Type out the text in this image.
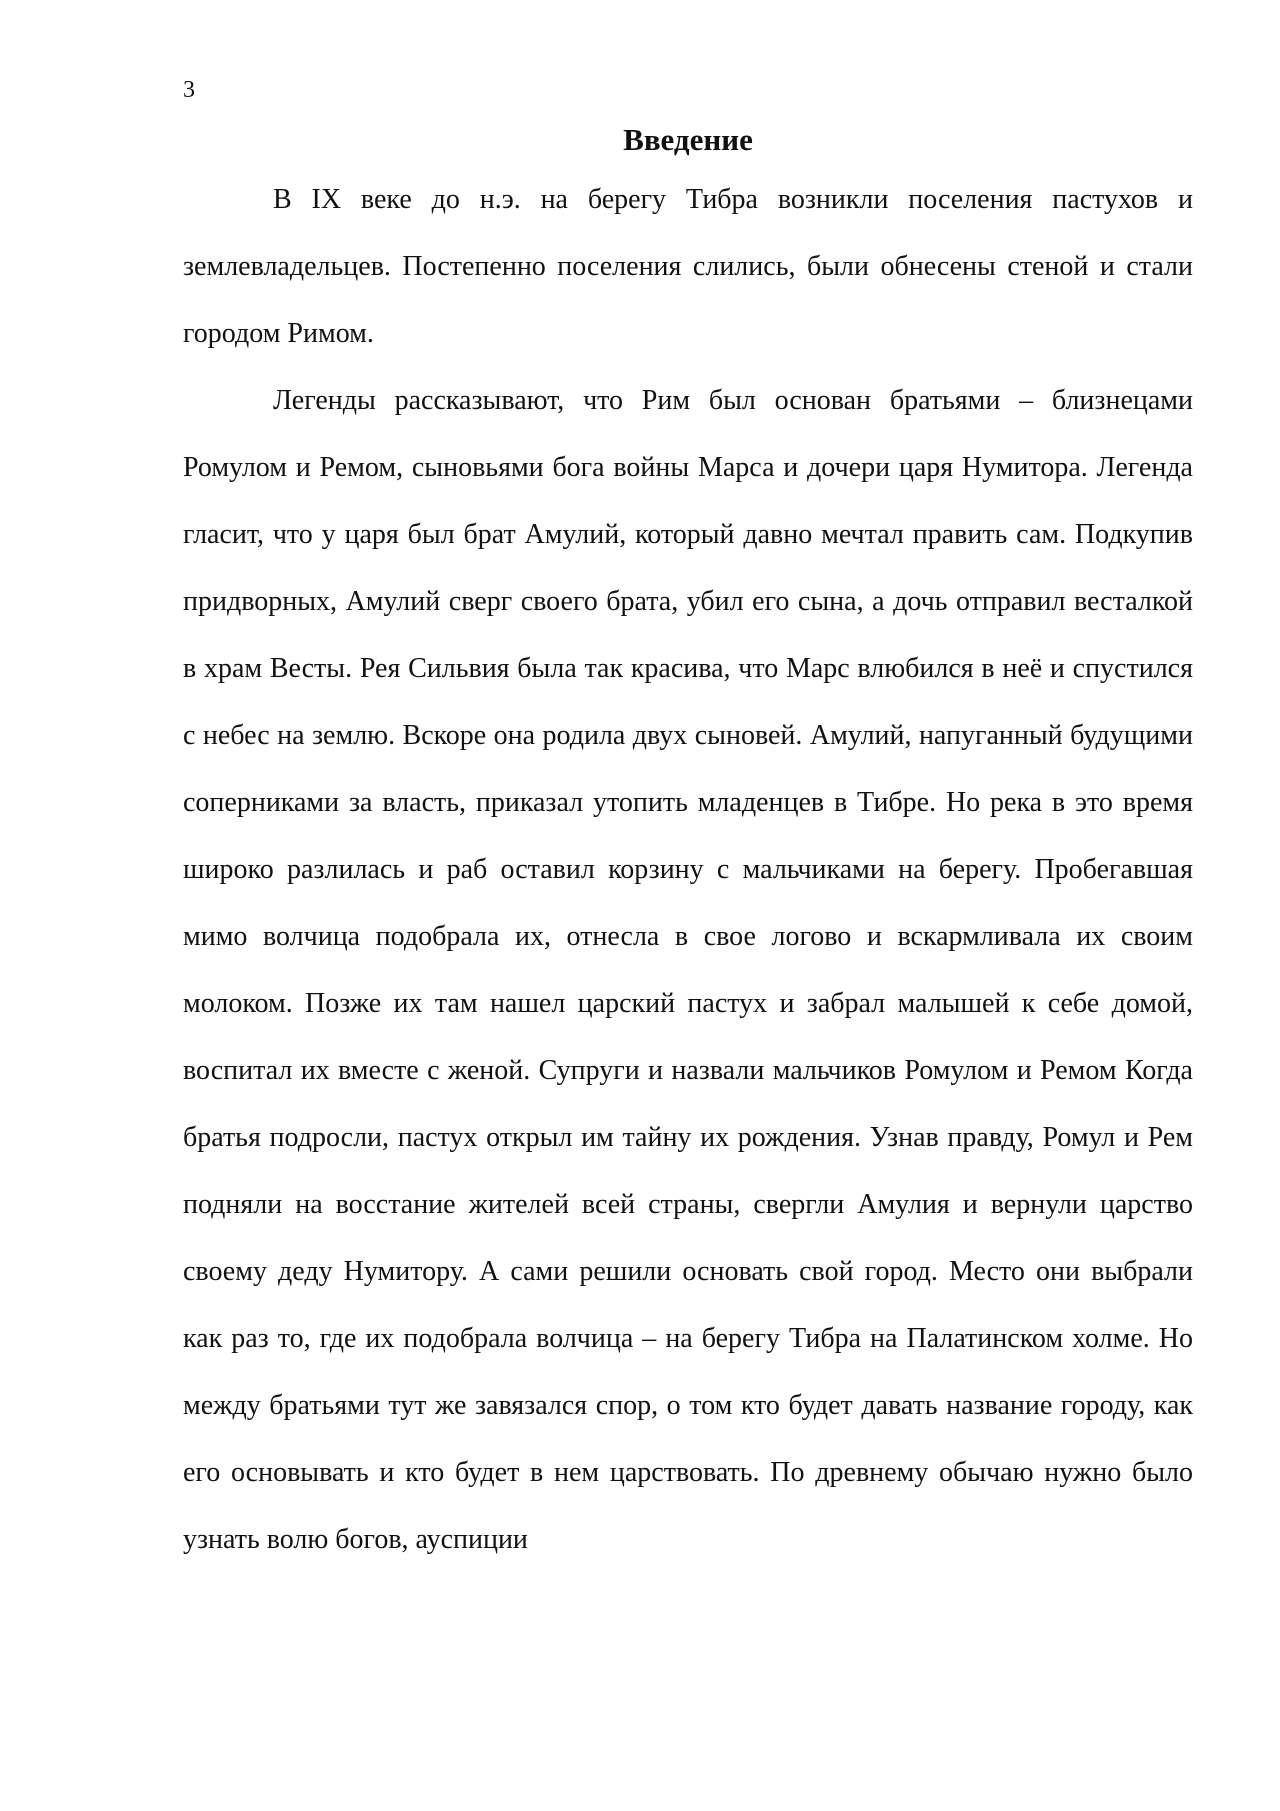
3
Введение

В IX веке до н.э. на берегу Тибра возникли поселения пастухов и землевладельцев. Постепенно поселения слились, были обнесены стеной и стали городом Римом.

Легенды рассказывают, что Рим был основан братьями – близнецами Ромулом и Ремом, сыновьями бога войны Марса и дочери царя Нумитора. Легенда гласит, что у царя был брат Амулий, который давно мечтал править сам. Подкупив придворных, Амулий сверг своего брата, убил его сына, а дочь отправил весталкой в храм Весты. Рея Сильвия была так красива, что Марс влюбился в неё и спустился с небес на землю. Вскоре она родила двух сыновей. Амулий, напуганный будущими соперниками за власть, приказал утопить младенцев в Тибре. Но река в это время широко разлилась и раб оставил корзину с мальчиками на берегу. Пробегавшая мимо волчица подобрала их, отнесла в свое логово и вскармливала их своим молоком. Позже их там нашел царский пастух и забрал малышей к себе домой, воспитал их вместе с женой. Супруги и назвали мальчиков Ромулом и Ремом Когда братья подросли, пастух открыл им тайну их рождения. Узнав правду, Ромул и Рем подняли на восстание жителей всей страны, свергли Амулия и вернули царство своему деду Нумитору. А сами решили основать свой город. Место они выбрали как раз то, где их подобрала волчица – на берегу Тибра на Палатинском холме. Но между братьями тут же завязался спор, о том кто будет давать название городу, как его основывать и кто будет в нем царствовать. По древнему обычаю нужно было узнать волю богов, ауспиции
